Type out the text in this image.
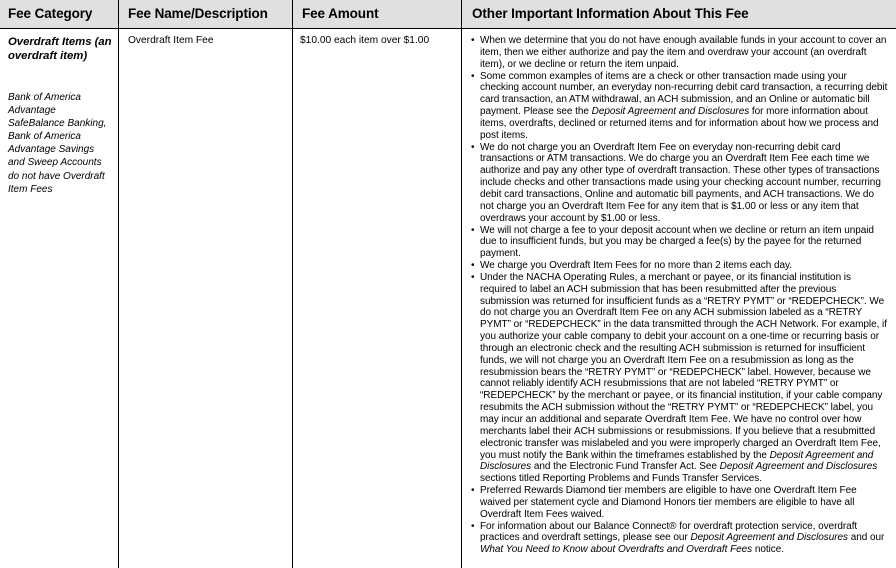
Fee Category	Fee Name/Description	Fee Amount	Other Important Information About This Fee
Overdraft Items (an overdraft item)
Bank of America Advantage SafeBalance Banking, Bank of America Advantage Savings and Sweep Accounts do not have Overdraft Item Fees
Overdraft Item Fee	$10.00 each item over $1.00
•	When we determine that you do not have enough available funds in your account to cover an item, then we either authorize and pay the item and overdraw your account (an overdraft item), or we decline or return the item unpaid.
• Some common examples of items are a check or other transaction made using your checking account number, an everyday non-recurring debit card transaction, a recurring debit card transaction, an ATM withdrawal, an ACH submission, and an Online or automatic bill payment. Please see the Deposit Agreement and Disclosures for more information about items, overdrafts, declined or returned items and for information about how we process and post items.
• We do not charge you an Overdraft Item Fee on everyday non-recurring debit card transactions or ATM transactions. We do charge you an Overdraft Item Fee each time we authorize and pay any other type of overdraft transaction. These other types of transactions include checks and other transactions made using your checking account number, recurring debit card transactions, Online and automatic bill payments, and ACH transactions. We do not charge you an Overdraft Item Fee for any item that is $1.00 or less or any item that overdraws your account by $1.00 or less.
• We will not charge a fee to your deposit account when we decline or return an item unpaid due to insufficient funds, but you may be charged a fee(s) by the payee for the returned payment.
• We charge you Overdraft Item Fees for no more than 2 items each day.
• Under the NACHA Operating Rules, a merchant or payee, or its financial institution is required to label an ACH submission that has been resubmitted after the previous submission was returned for insufficient funds as a “RETRY PYMT” or “REDEPCHECK”. We do not charge you an Overdraft Item Fee on any ACH submission labeled as a “RETRY PYMT” or “REDEPCHECK” in the data transmitted through the ACH Network. For example, if you authorize your cable company to debit your account on a one-time or recurring basis or through an electronic check and the resulting ACH submission is returned for insufficient funds, we will not charge you an Overdraft Item Fee on a resubmission as long as the resubmission bears the “RETRY PYMT” or “REDEPCHECK” label. However, because we cannot reliably identify ACH resubmissions that are not labeled “RETRY PYMT” or “REDEPCHECK” by the merchant or payee, or its financial institution, if your cable company resubmits the ACH submission without the “RETRY PYMT” or “REDEPCHECK” label, you may incur an additional and separate Overdraft Item Fee. We have no control over how merchants label their ACH submissions or resubmissions. If you believe that a resubmitted electronic transfer was mislabeled and you were improperly charged an Overdraft Item Fee, you must notify the Bank within the timeframes established by the Deposit Agreement and Disclosures and the Electronic Fund Transfer Act. See Deposit Agreement and Disclosures sections titled Reporting Problems and Funds Transfer Services.
• Preferred Rewards Diamond tier members are eligible to have one Overdraft Item Fee waived per statement cycle and Diamond Honors tier members are eligible to have all Overdraft Item Fees waived.
• For information about our Balance Connect® for overdraft protection service, overdraft practices and overdraft settings, please see our Deposit Agreement and Disclosures and our What You Need to Know about Overdrafts and Overdraft Fees notice.
